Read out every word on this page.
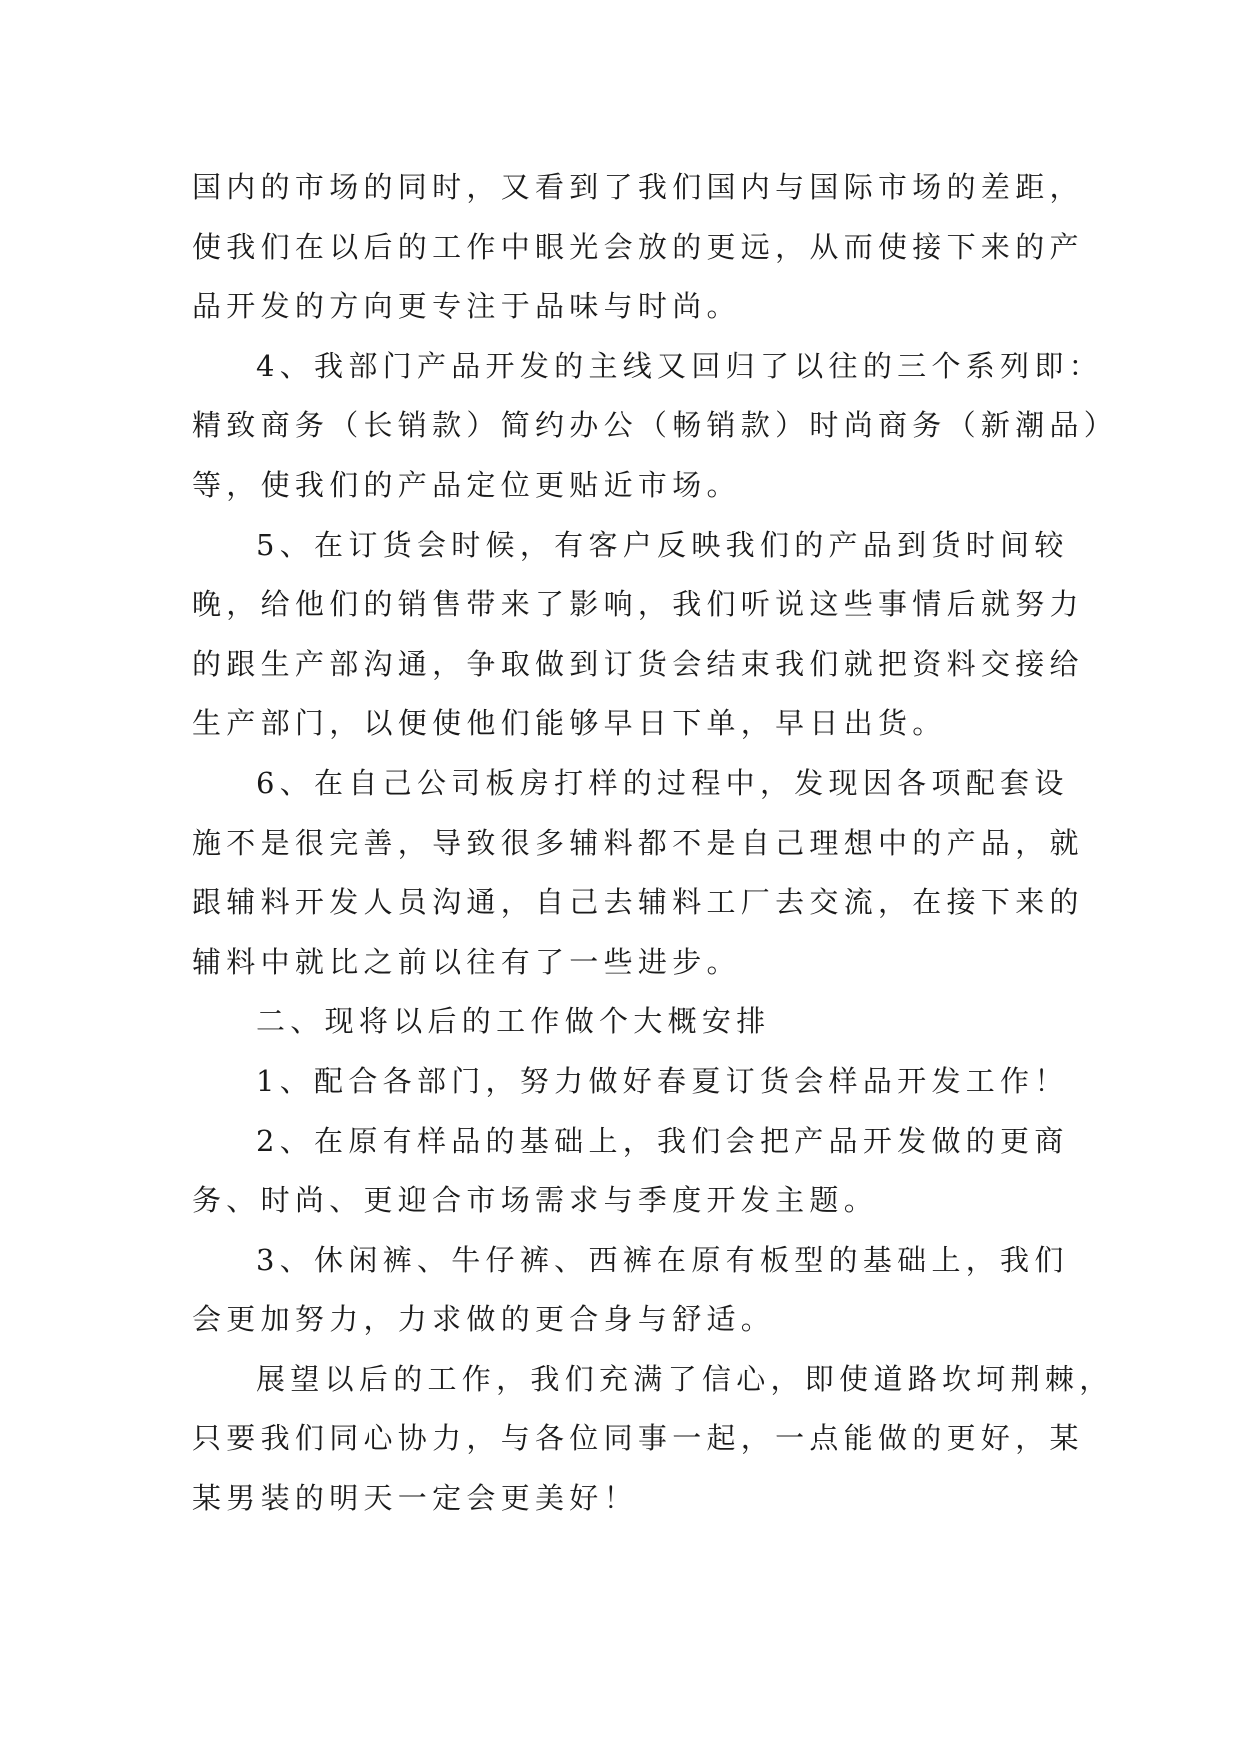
国内的市场的同时，又看到了我们国内与国际市场的差距，
使我们在以后的工作中眼光会放的更远，从而使接下来的产
品开发的方向更专注于品味与时尚。

4、我部门产品开发的主线又回归了以往的三个系列即：
精致商务（长销款）简约办公（畅销款）时尚商务（新潮品）
等，使我们的产品定位更贴近市场。

5、在订货会时候，有客户反映我们的产品到货时间较
晚，给他们的销售带来了影响，我们听说这些事情后就努力
的跟生产部沟通，争取做到订货会结束我们就把资料交接给
生产部门，以便使他们能够早日下单，早日出货。

6、在自己公司板房打样的过程中，发现因各项配套设
施不是很完善，导致很多辅料都不是自己理想中的产品，就
跟辅料开发人员沟通，自己去辅料工厂去交流，在接下来的
辅料中就比之前以往有了一些进步。

二、现将以后的工作做个大概安排

1、配合各部门，努力做好春夏订货会样品开发工作！

2、在原有样品的基础上，我们会把产品开发做的更商
务、时尚、更迎合市场需求与季度开发主题。

3、休闲裤、牛仔裤、西裤在原有板型的基础上，我们
会更加努力，力求做的更合身与舒适。

展望以后的工作，我们充满了信心，即使道路坎坷荆棘，
只要我们同心协力，与各位同事一起，一点能做的更好，某
某男装的明天一定会更美好！
